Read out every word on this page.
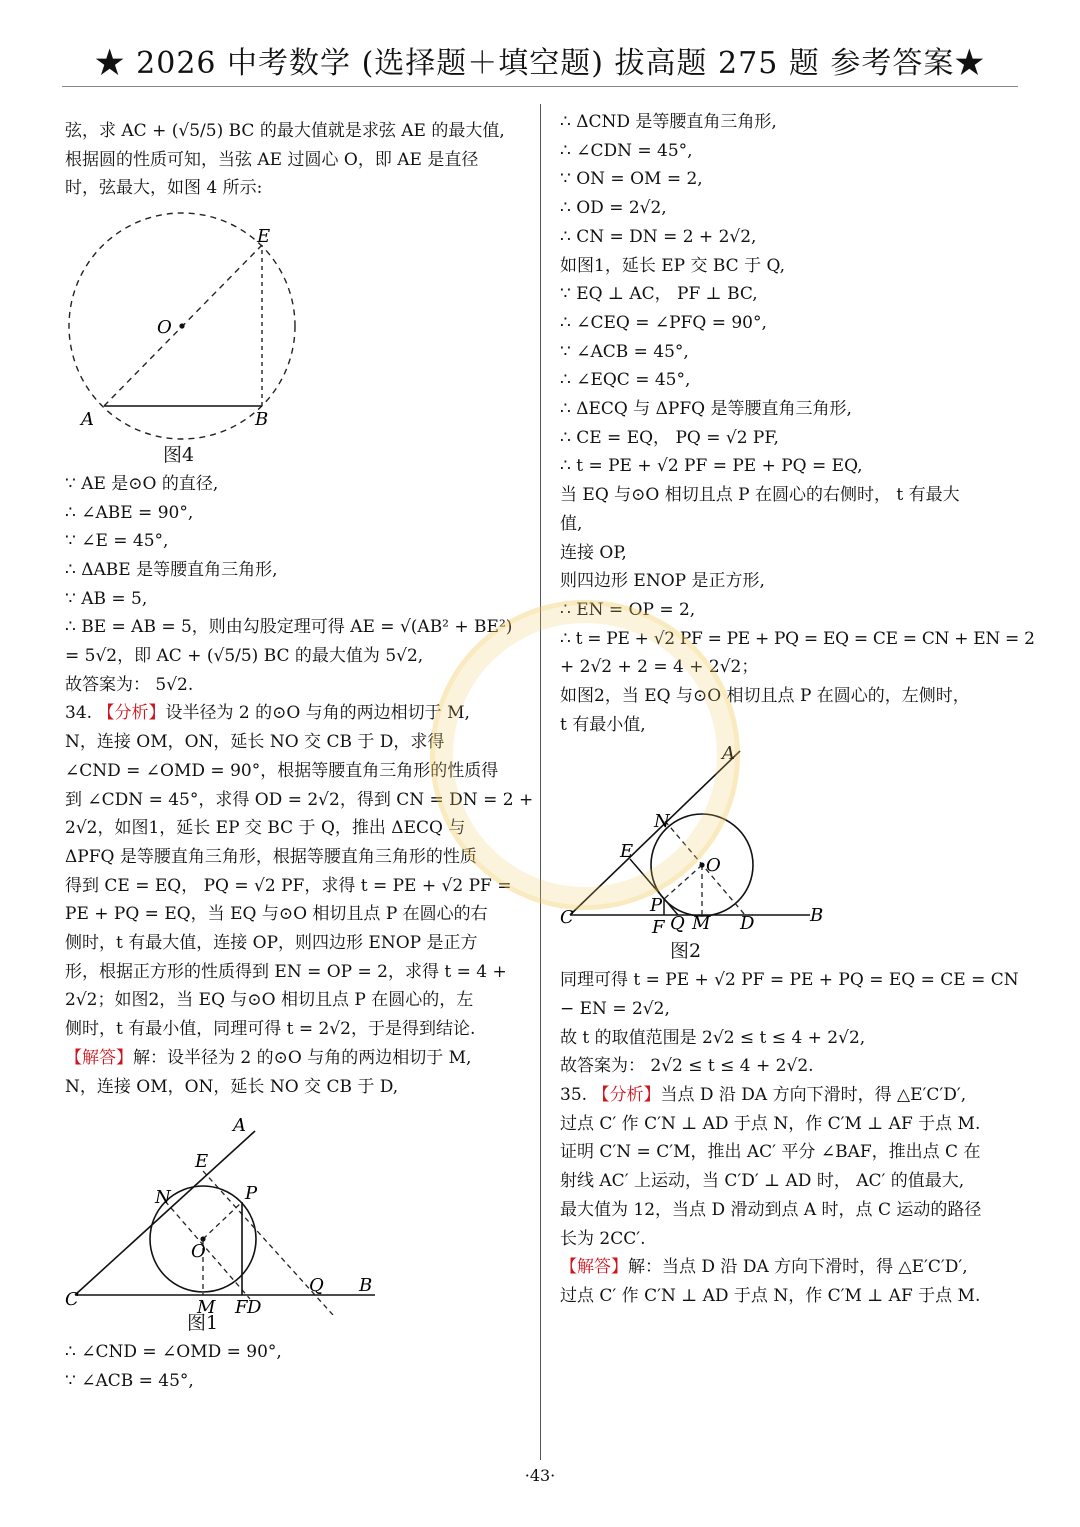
★ 2026 中考数学 (选择题＋填空题) 拔高题 275 题 参考答案★
弦，求 AC + (√5/5) BC 的最大值就是求弦 AE 的最大值,
根据圆的性质可知，当弦 AE 过圆心 O，即 AE 是直径
时，弦最大，如图 4 所示:
E
O
A	B
图4
∵ AE 是⊙O 的直径,
∴ ∠ABE = 90°,
∵ ∠E = 45°,
∴ ΔABE 是等腰直角三角形,
∵ AB = 5,
∴ BE = AB = 5，则由勾股定理可得 AE = √(AB² + BE²)
= 5√2，即 AC + (√5/5) BC 的最大值为 5√2,
故答案为： 5√2.
34. 【分析】设半径为 2 的⊙O 与角的两边相切于 M,
N，连接 OM，ON，延长 NO 交 CB 于 D，求得
∠CND = ∠OMD = 90°，根据等腰直角三角形的性质得
到 ∠CDN = 45°，求得 OD = 2√2，得到 CN = DN = 2 +
2√2，如图1，延长 EP 交 BC 于 Q，推出 ΔECQ 与
ΔPFQ 是等腰直角三角形，根据等腰直角三角形的性质
得到 CE = EQ， PQ = √2 PF，求得 t = PE + √2 PF =
PE + PQ = EQ，当 EQ 与⊙O 相切且点 P 在圆心的右
侧时，t 有最大值，连接 OP，则四边形 ENOP 是正方
形，根据正方形的性质得到 EN = OP = 2，求得 t = 4 +
2√2；如图2，当 EQ 与⊙O 相切且点 P 在圆心的，左
侧时，t 有最小值，同理可得 t = 2√2，于是得到结论.
【解答】解：设半径为 2 的⊙O 与角的两边相切于 M,
N，连接 OM，ON，延长 NO 交 CB 于 D,
A
E
N	P
O
C	M F D
Q B
图1
∴ ∠CND = ∠OMD = 90°,
∵ ∠ACB = 45°,
∴ ΔCND 是等腰直角三角形,
∴ ∠CDN = 45°,
∵ ON = OM = 2,
∴ OD = 2√2,
∴ CN = DN = 2 + 2√2,
如图1，延长 EP 交 BC 于 Q,
∵ EQ ⊥ AC， PF ⊥ BC,
∴ ∠CEQ = ∠PFQ = 90°,
∵ ∠ACB = 45°,
∴ ∠EQC = 45°,
∴ ΔECQ 与 ΔPFQ 是等腰直角三角形,
∴ CE = EQ， PQ = √2 PF,
∴ t = PE + √2 PF = PE + PQ = EQ,
当 EQ 与⊙O 相切且点 P 在圆心的右侧时， t 有最大
值,
连接 OP,
则四边形 ENOP 是正方形,
∴ EN = OP = 2,
∴ t = PE + √2 PF = PE + PQ = EQ = CE = CN + EN = 2
+ 2√2 + 2 = 4 + 2√2；
如图2，当 EQ 与⊙O 相切且点 P 在圆心的，左侧时，
t 有最小值,
A
N
E
O
C
P
F Q M D	B
图2
同理可得 t = PE + √2 PF = PE + PQ = EQ = CE = CN
− EN = 2√2,
故 t 的取值范围是 2√2 ≤ t ≤ 4 + 2√2,
故答案为： 2√2 ≤ t ≤ 4 + 2√2.
35. 【分析】当点 D 沿 DA 方向下滑时，得 △E′C′D′,
过点 C′ 作 C′N ⊥ AD 于点 N，作 C′M ⊥ AF 于点 M.
证明 C′N = C′M，推出 AC′ 平分 ∠BAF，推出点 C 在
射线 AC′ 上运动，当 C′D′ ⊥ AD 时， AC′ 的值最大,
最大值为 12，当点 D 滑动到点 A 时，点 C 运动的路径
长为 2CC′.
【解答】解：当点 D 沿 DA 方向下滑时，得 △E′C′D′,
过点 C′ 作 C′N ⊥ AD 于点 N，作 C′M ⊥ AF 于点 M.
·43·
